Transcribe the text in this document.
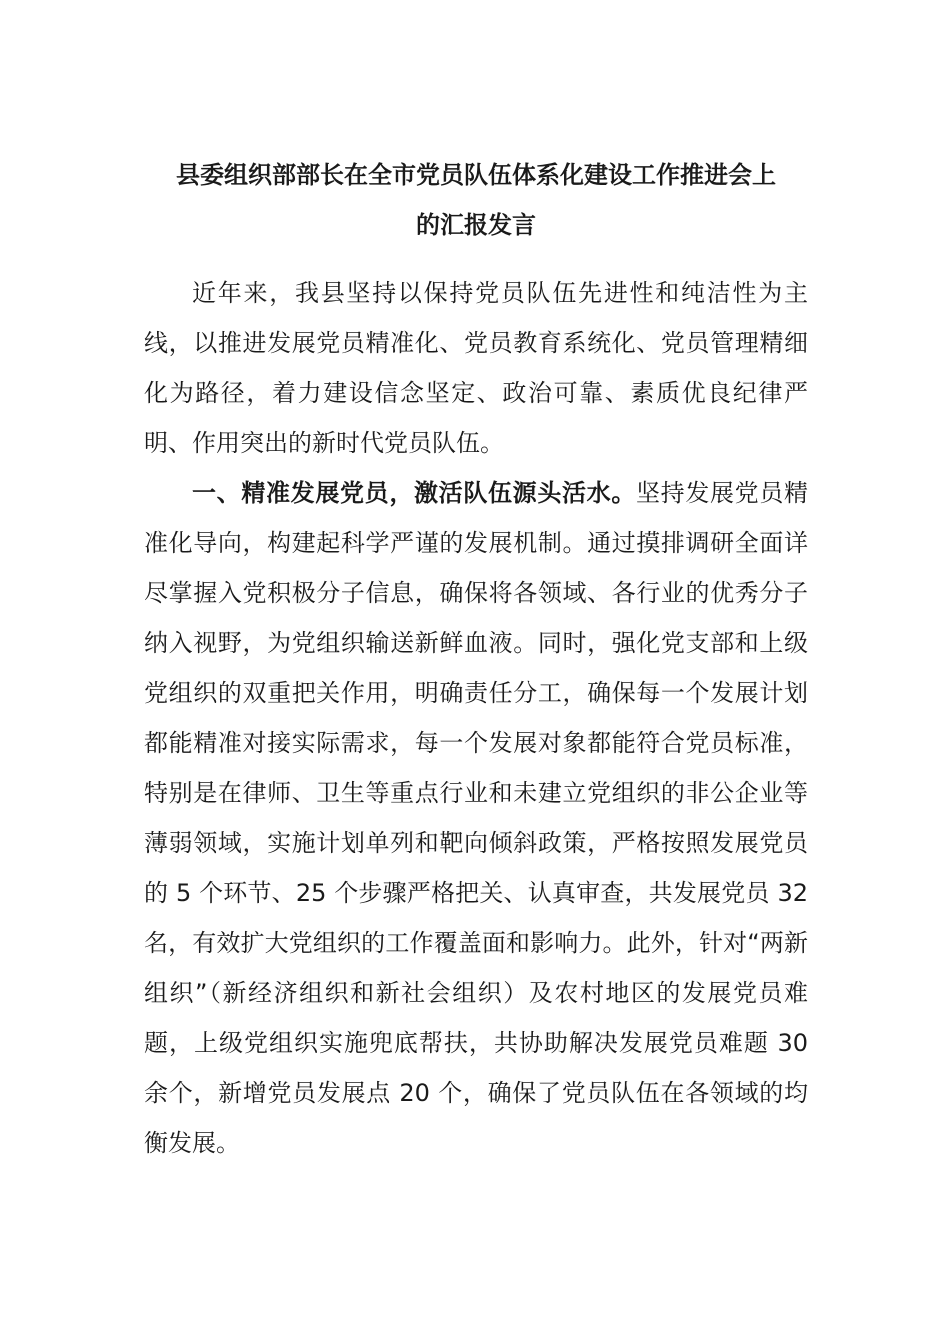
县委组织部部长在全市党员队伍体系化建设工作推进会上
的汇报发言

近年来，我县坚持以保持党员队伍先进性和纯洁性为主线，以推进发展党员精准化、党员教育系统化、党员管理精细化为路径，着力建设信念坚定、政治可靠、素质优良纪律严明、作用突出的新时代党员队伍。

一、精准发展党员，激活队伍源头活水。坚持发展党员精准化导向，构建起科学严谨的发展机制。通过摸排调研全面详尽掌握入党积极分子信息，确保将各领域、各行业的优秀分子纳入视野，为党组织输送新鲜血液。同时，强化党支部和上级党组织的双重把关作用，明确责任分工，确保每一个发展计划都能精准对接实际需求，每一个发展对象都能符合党员标准，特别是在律师、卫生等重点行业和未建立党组织的非公企业等薄弱领域，实施计划单列和靶向倾斜政策，严格按照发展党员的 5 个环节、25 个步骤严格把关、认真审查，共发展党员 32 名，有效扩大党组织的工作覆盖面和影响力。此外，针对“两新组织”（新经济组织和新社会组织）及农村地区的发展党员难题，上级党组织实施兜底帮扶，共协助解决发展党员难题 30 余个，新增党员发展点 20 个，确保了党员队伍在各领域的均衡发展。
